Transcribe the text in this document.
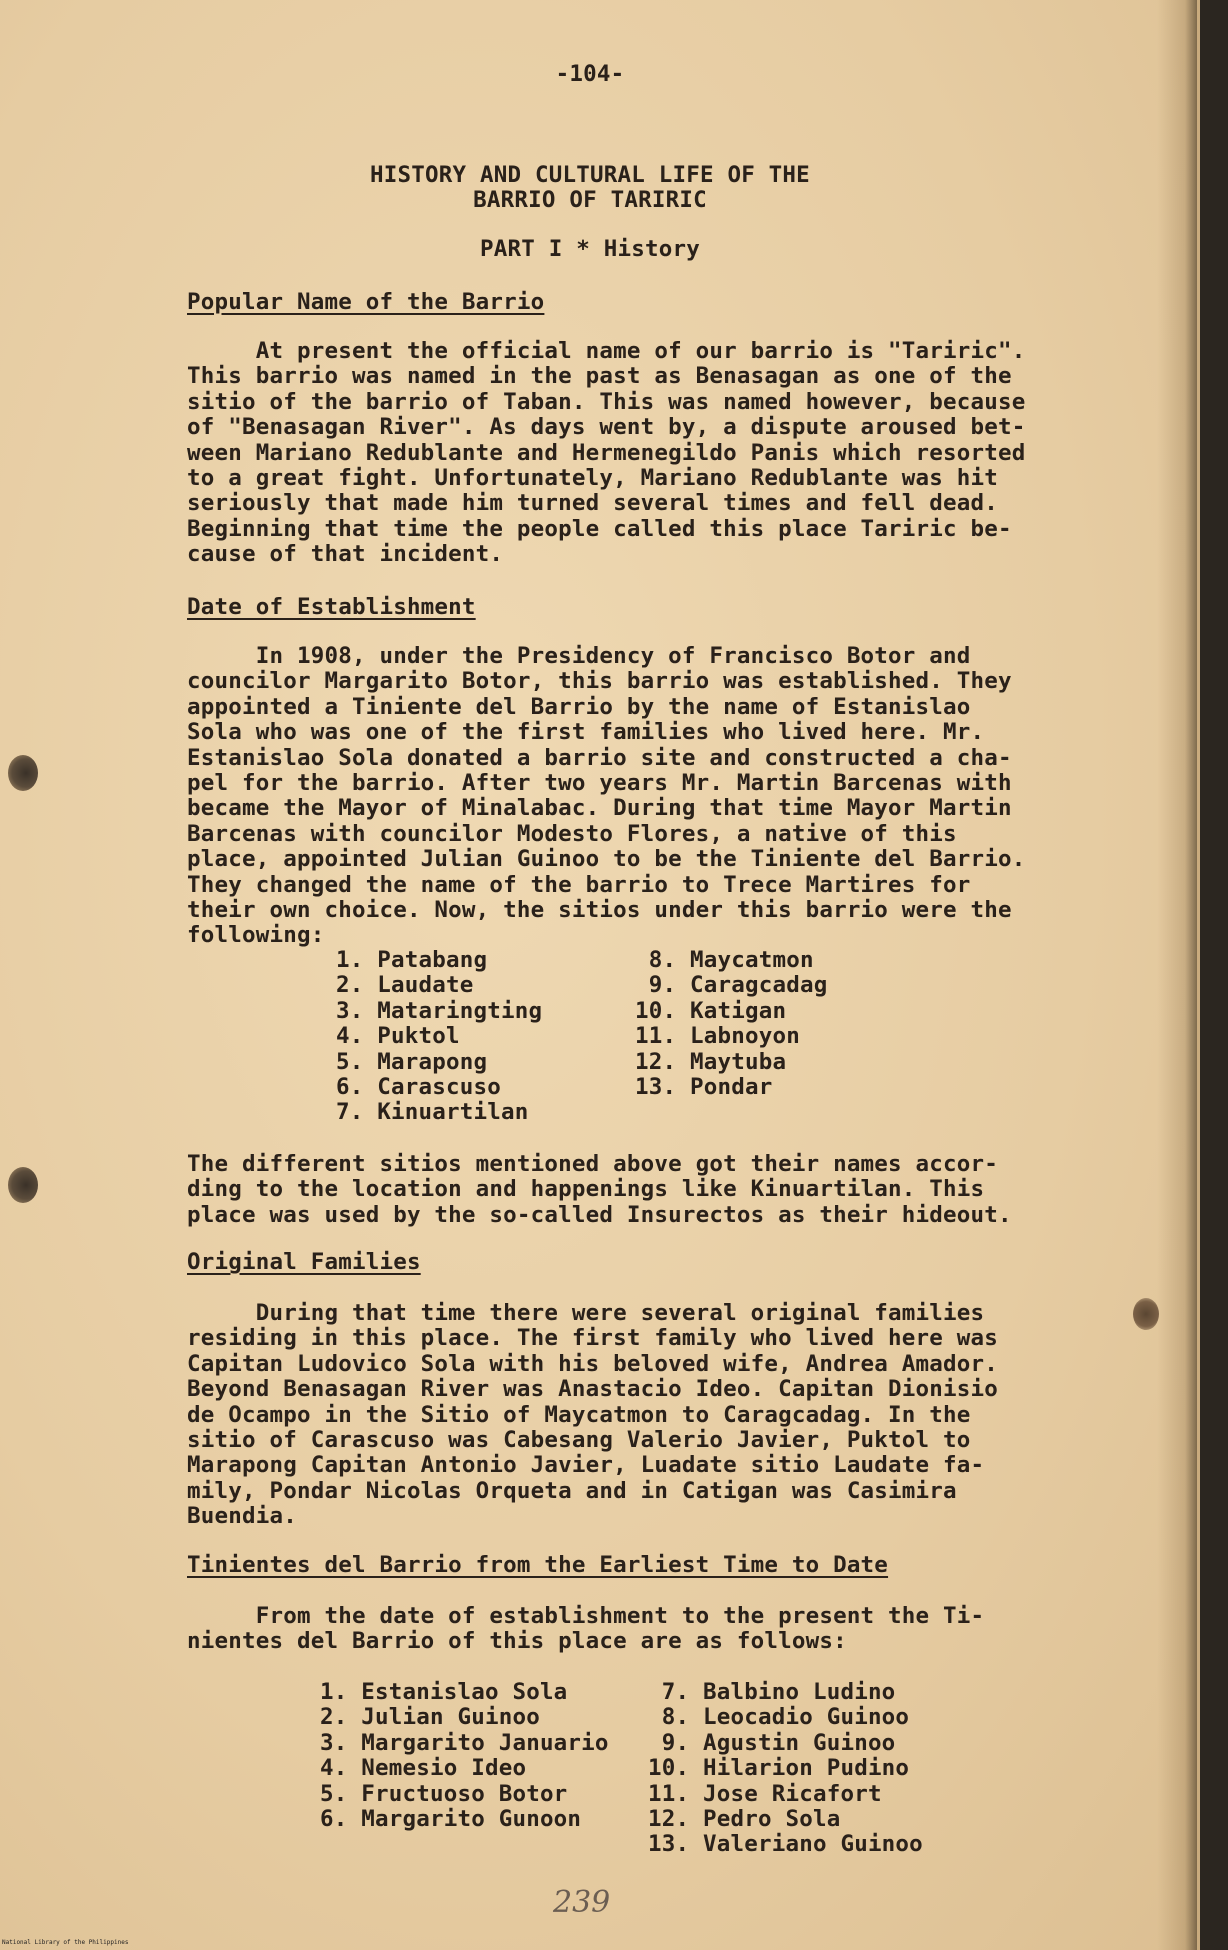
-104-
HISTORY AND CULTURAL LIFE OF THE
BARRIO OF TARIRIC
PART I * History
Popular Name of the Barrio
At present the official name of our barrio is "Tariric".
This barrio was named in the past as Benasagan as one of the
sitio of the barrio of Taban. This was named however, because
of "Benasagan River". As days went by, a dispute aroused bet-
ween Mariano Redublante and Hermenegildo Panis which resorted
to a great fight. Unfortunately, Mariano Redublante was hit
seriously that made him turned several times and fell dead.
Beginning that time the people called this place Tariric be-
cause of that incident.
Date of Establishment
In 1908, under the Presidency of Francisco Botor and
councilor Margarito Botor, this barrio was established. They
appointed a Tiniente del Barrio by the name of Estanislao
Sola who was one of the first families who lived here. Mr.
Estanislao Sola donated a barrio site and constructed a cha-
pel for the barrio. After two years Mr. Martin Barcenas with
became the Mayor of Minalabac. During that time Mayor Martin
Barcenas with councilor Modesto Flores, a native of this
place, appointed Julian Guinoo to be the Tiniente del Barrio.
They changed the name of the barrio to Trece Martires for
their own choice. Now, the sitios under this barrio were the
following:
1. Patabang
2. Laudate
3. Mataringting
4. Puktol
5. Marapong
6. Carascuso
7. Kinuartilan
8. Maycatmon
9. Caragcadag
10. Katigan
11. Labnoyon
12. Maytuba
13. Pondar
The different sitios mentioned above got their names accor-
ding to the location and happenings like Kinuartilan. This
place was used by the so-called Insurectos as their hideout.
Original Families
During that time there were several original families
residing in this place. The first family who lived here was
Capitan Ludovico Sola with his beloved wife, Andrea Amador.
Beyond Benasagan River was Anastacio Ideo. Capitan Dionisio
de Ocampo in the Sitio of Maycatmon to Caragcadag. In the
sitio of Carascuso was Cabesang Valerio Javier, Puktol to
Marapong Capitan Antonio Javier, Luadate sitio Laudate fa-
mily, Pondar Nicolas Orqueta and in Catigan was Casimira
Buendia.
Tinientes del Barrio from the Earliest Time to Date
From the date of establishment to the present the Ti-
nientes del Barrio of this place are as follows:
1. Estanislao Sola
2. Julian Guinoo
3. Margarito Januario
4. Nemesio Ideo
5. Fructuoso Botor
6. Margarito Gunoon
7. Balbino Ludino
8. Leocadio Guinoo
9. Agustin Guinoo
10. Hilarion Pudino
11. Jose Ricafort
12. Pedro Sola
13. Valeriano Guinoo
239
National Library of the Philippines
